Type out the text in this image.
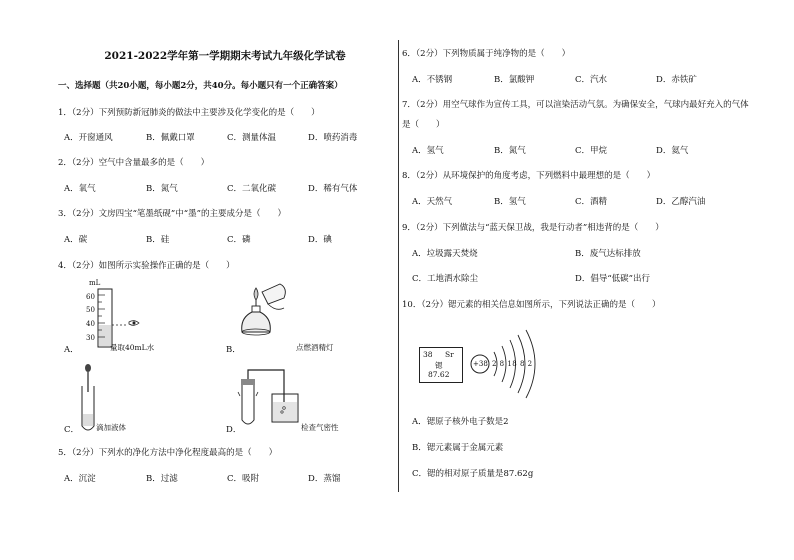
2021-2022学年第一学期期末考试九年级化学试卷
一、选择题（共20小题，每小题2分，共40分。每小题只有一个正确答案）
1．（2分）下列预防新冠肺炎的做法中主要涉及化学变化的是（　　）
A．开窗通风	B．佩戴口罩	C．测量体温	D．喷药消毒
2．（2分）空气中含量最多的是（　　）
A．氧气	B．氮气	C．二氧化碳	D．稀有气体
3．（2分）文房四宝“笔墨纸砚”中“墨”的主要成分是（　　）
A．碳	B．硅	C．磷	D．碘
4．（2分）如图所示实验操作正确的是（　　）
A．
mL
60
50
40
30
量取40mL水	B．	点燃酒精灯
C． 滴加液体	D．	检查气密性
5．（2分）下列水的净化方法中净化程度最高的是（　　）
A．沉淀	B．过滤	C．吸附	D．蒸馏
6．（2分）下列物质属于纯净物的是（　　）
A．不锈钢	B．氯酸钾	C．汽水	D．赤铁矿
7．（2分）用空气球作为宣传工具，可以渲染活动气氛。为确保安全，气球内最好充入的气体
是（　　）
A．氢气	B．氮气	C．甲烷	D．氦气
8．（2分）从环境保护的角度考虑，下列燃料中最理想的是（　　）
A．天然气	B．氢气	C．酒精	D．乙醇汽油
9．（2分）下列做法与“蓝天保卫战，我是行动者”相违背的是（　　）
A．垃圾露天焚烧	B．废气达标排放
C．工地洒水除尘	D．倡导“低碳”出行
10．（2分）锶元素的相关信息如图所示，下列说法正确的是（　　）
38 Sr
锶
87.62
+38 2 8 18 8 2
A．锶原子核外电子数是2
B．锶元素属于金属元素
C．锶的相对原子质量是87.62g
